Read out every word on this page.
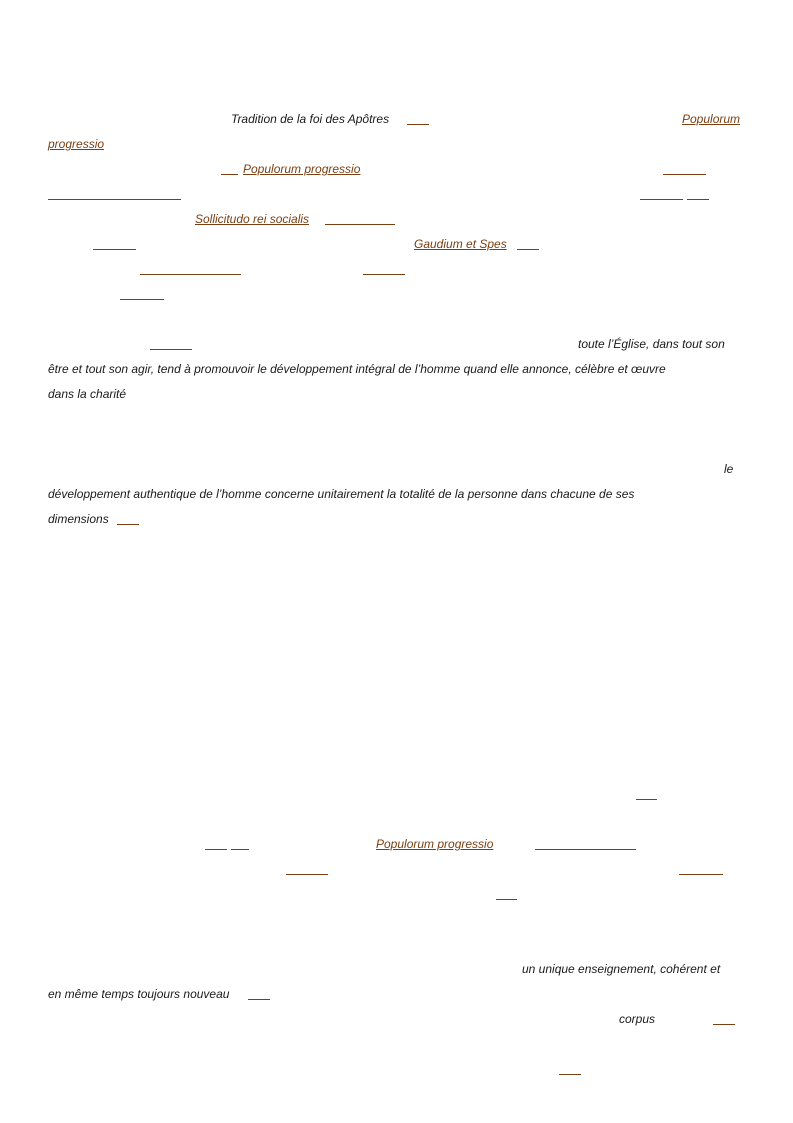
Tradition de la foi des Apôtres	Populorum
progressio
Populorum progressio
Sollicitudo rei socialis
Gaudium et Spes
toute l’Église, dans tout son
être et tout son agir, tend à promouvoir le développement intégral de l’homme quand elle annonce, célèbre et œuvre
dans la charité
le
développement authentique de l’homme concerne unitairement la totalité de la personne dans chacune de ses
dimensions
Populorum progressio
un unique enseignement, cohérent et
en même temps toujours nouveau
corpus
